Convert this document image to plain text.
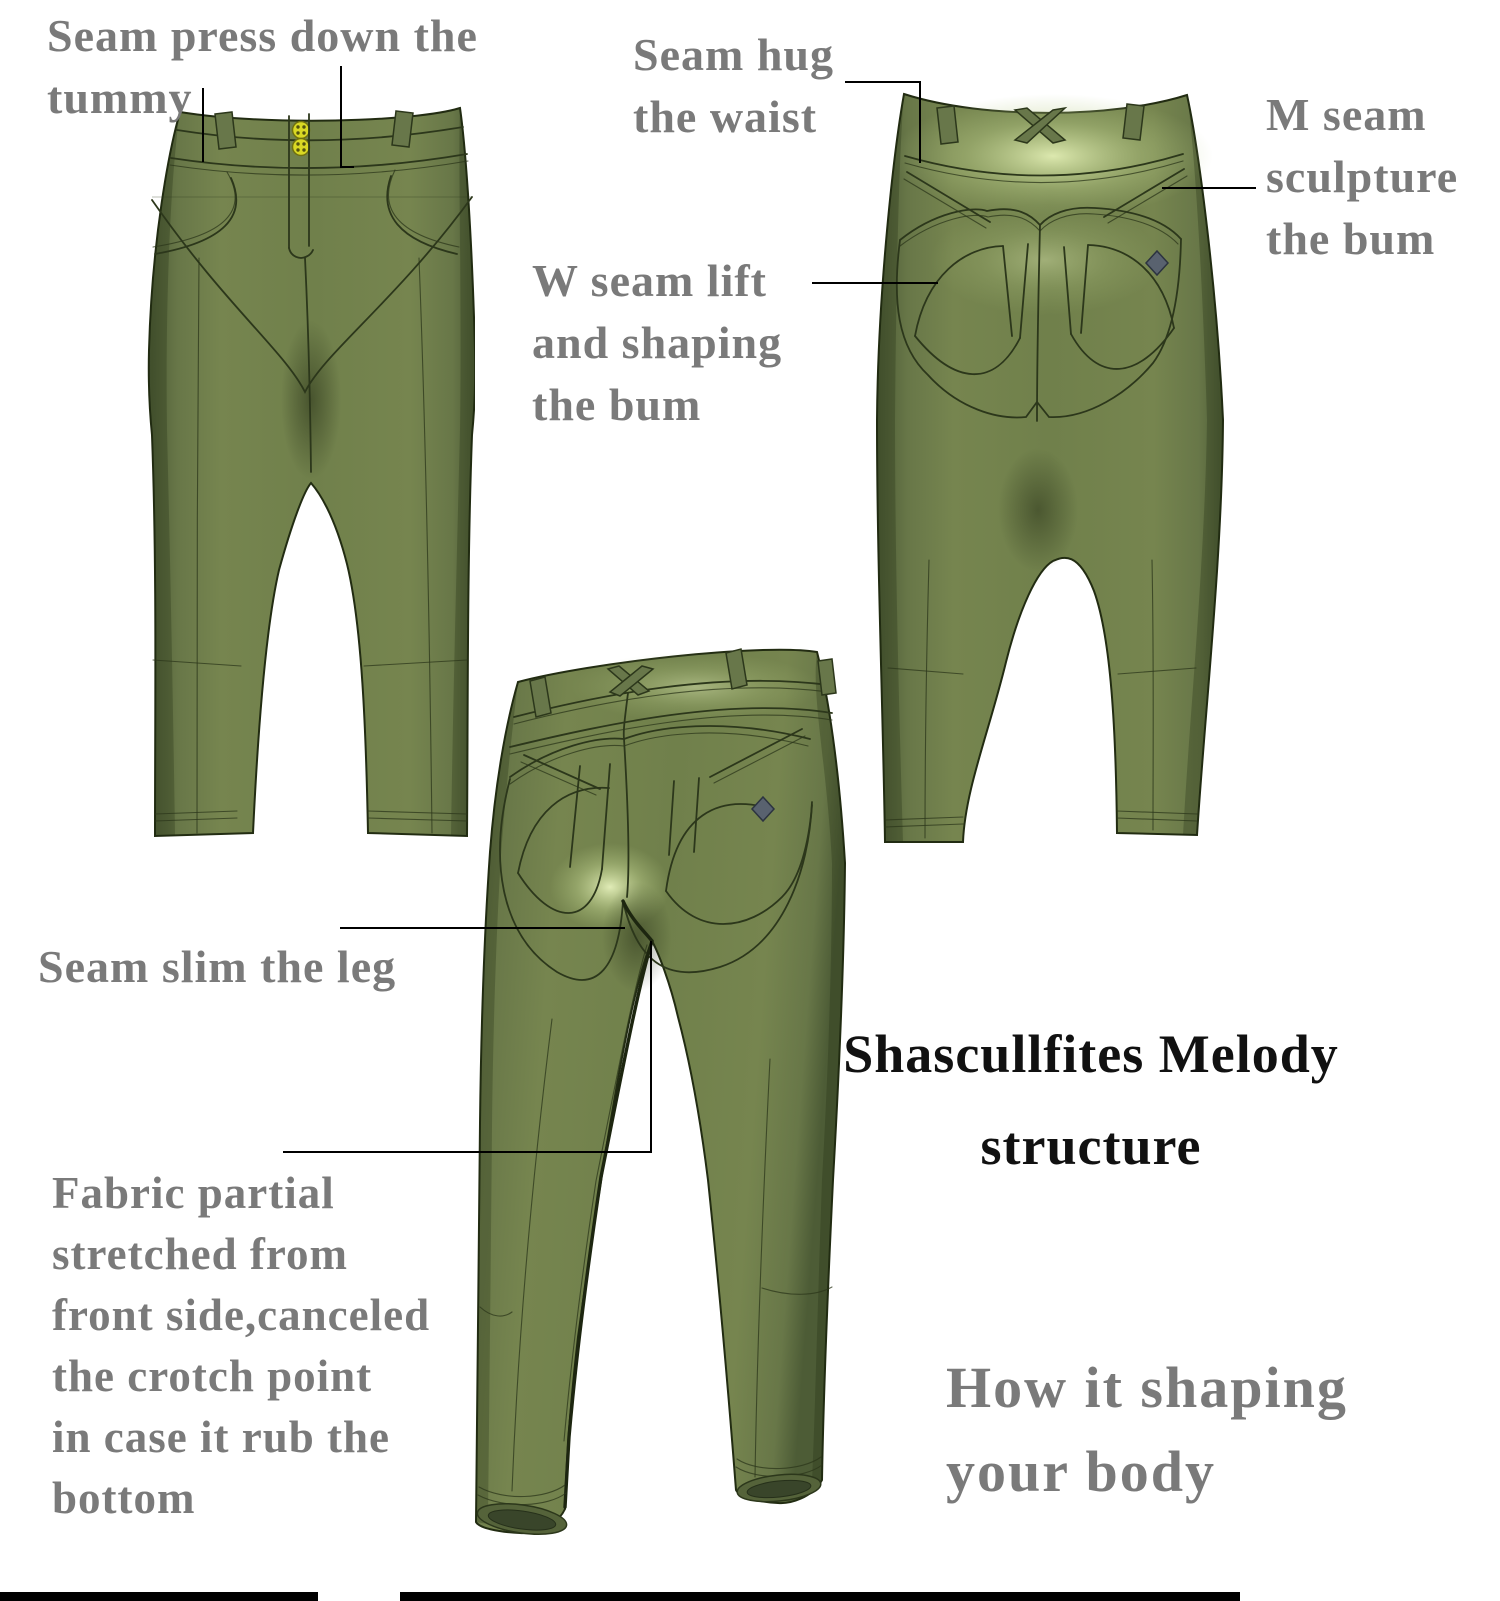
Seam press down the
tummy
Seam hug
the waist	M seam
sculpture
the bum
W seam lift
and shaping
the bum
Seam slim the leg
Fabric partial
stretched from
front side,canceled
the crotch point
in case it rub the
bottom
Shascullfites Melody
structure
How it shaping
your body
